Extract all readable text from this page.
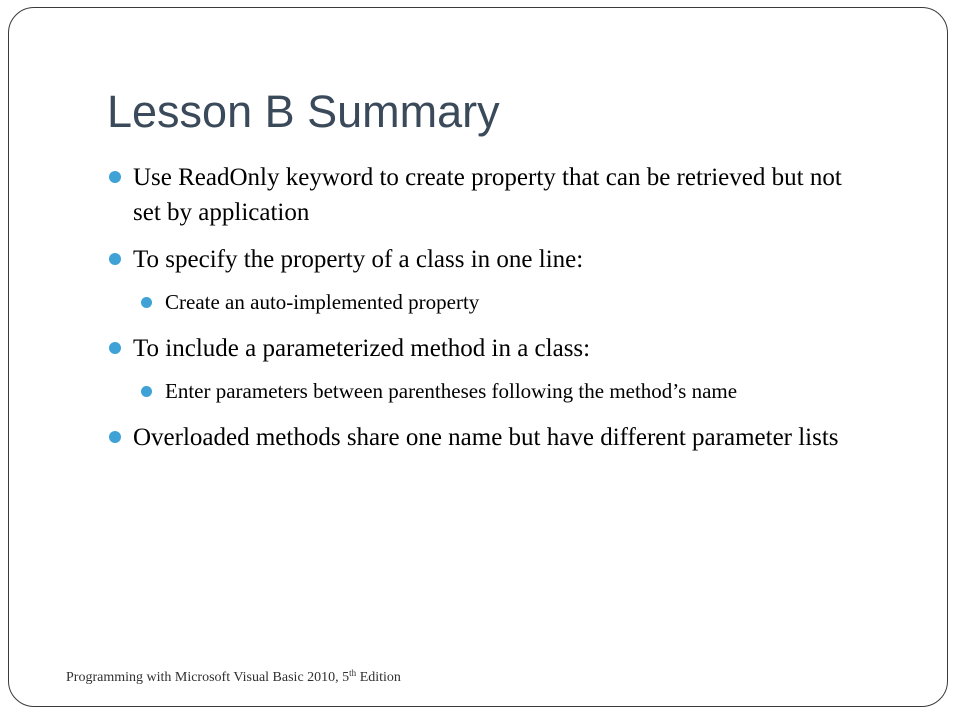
Lesson B Summary

Use ReadOnly keyword to create property that can be retrieved but not set by application

To specify the property of a class in one line:

Create an auto-implemented property

To include a parameterized method in a class:

Enter parameters between parentheses following the method’s name

Overloaded methods share one name but have different parameter lists

Programming with Microsoft Visual Basic 2010, 5th Edition
